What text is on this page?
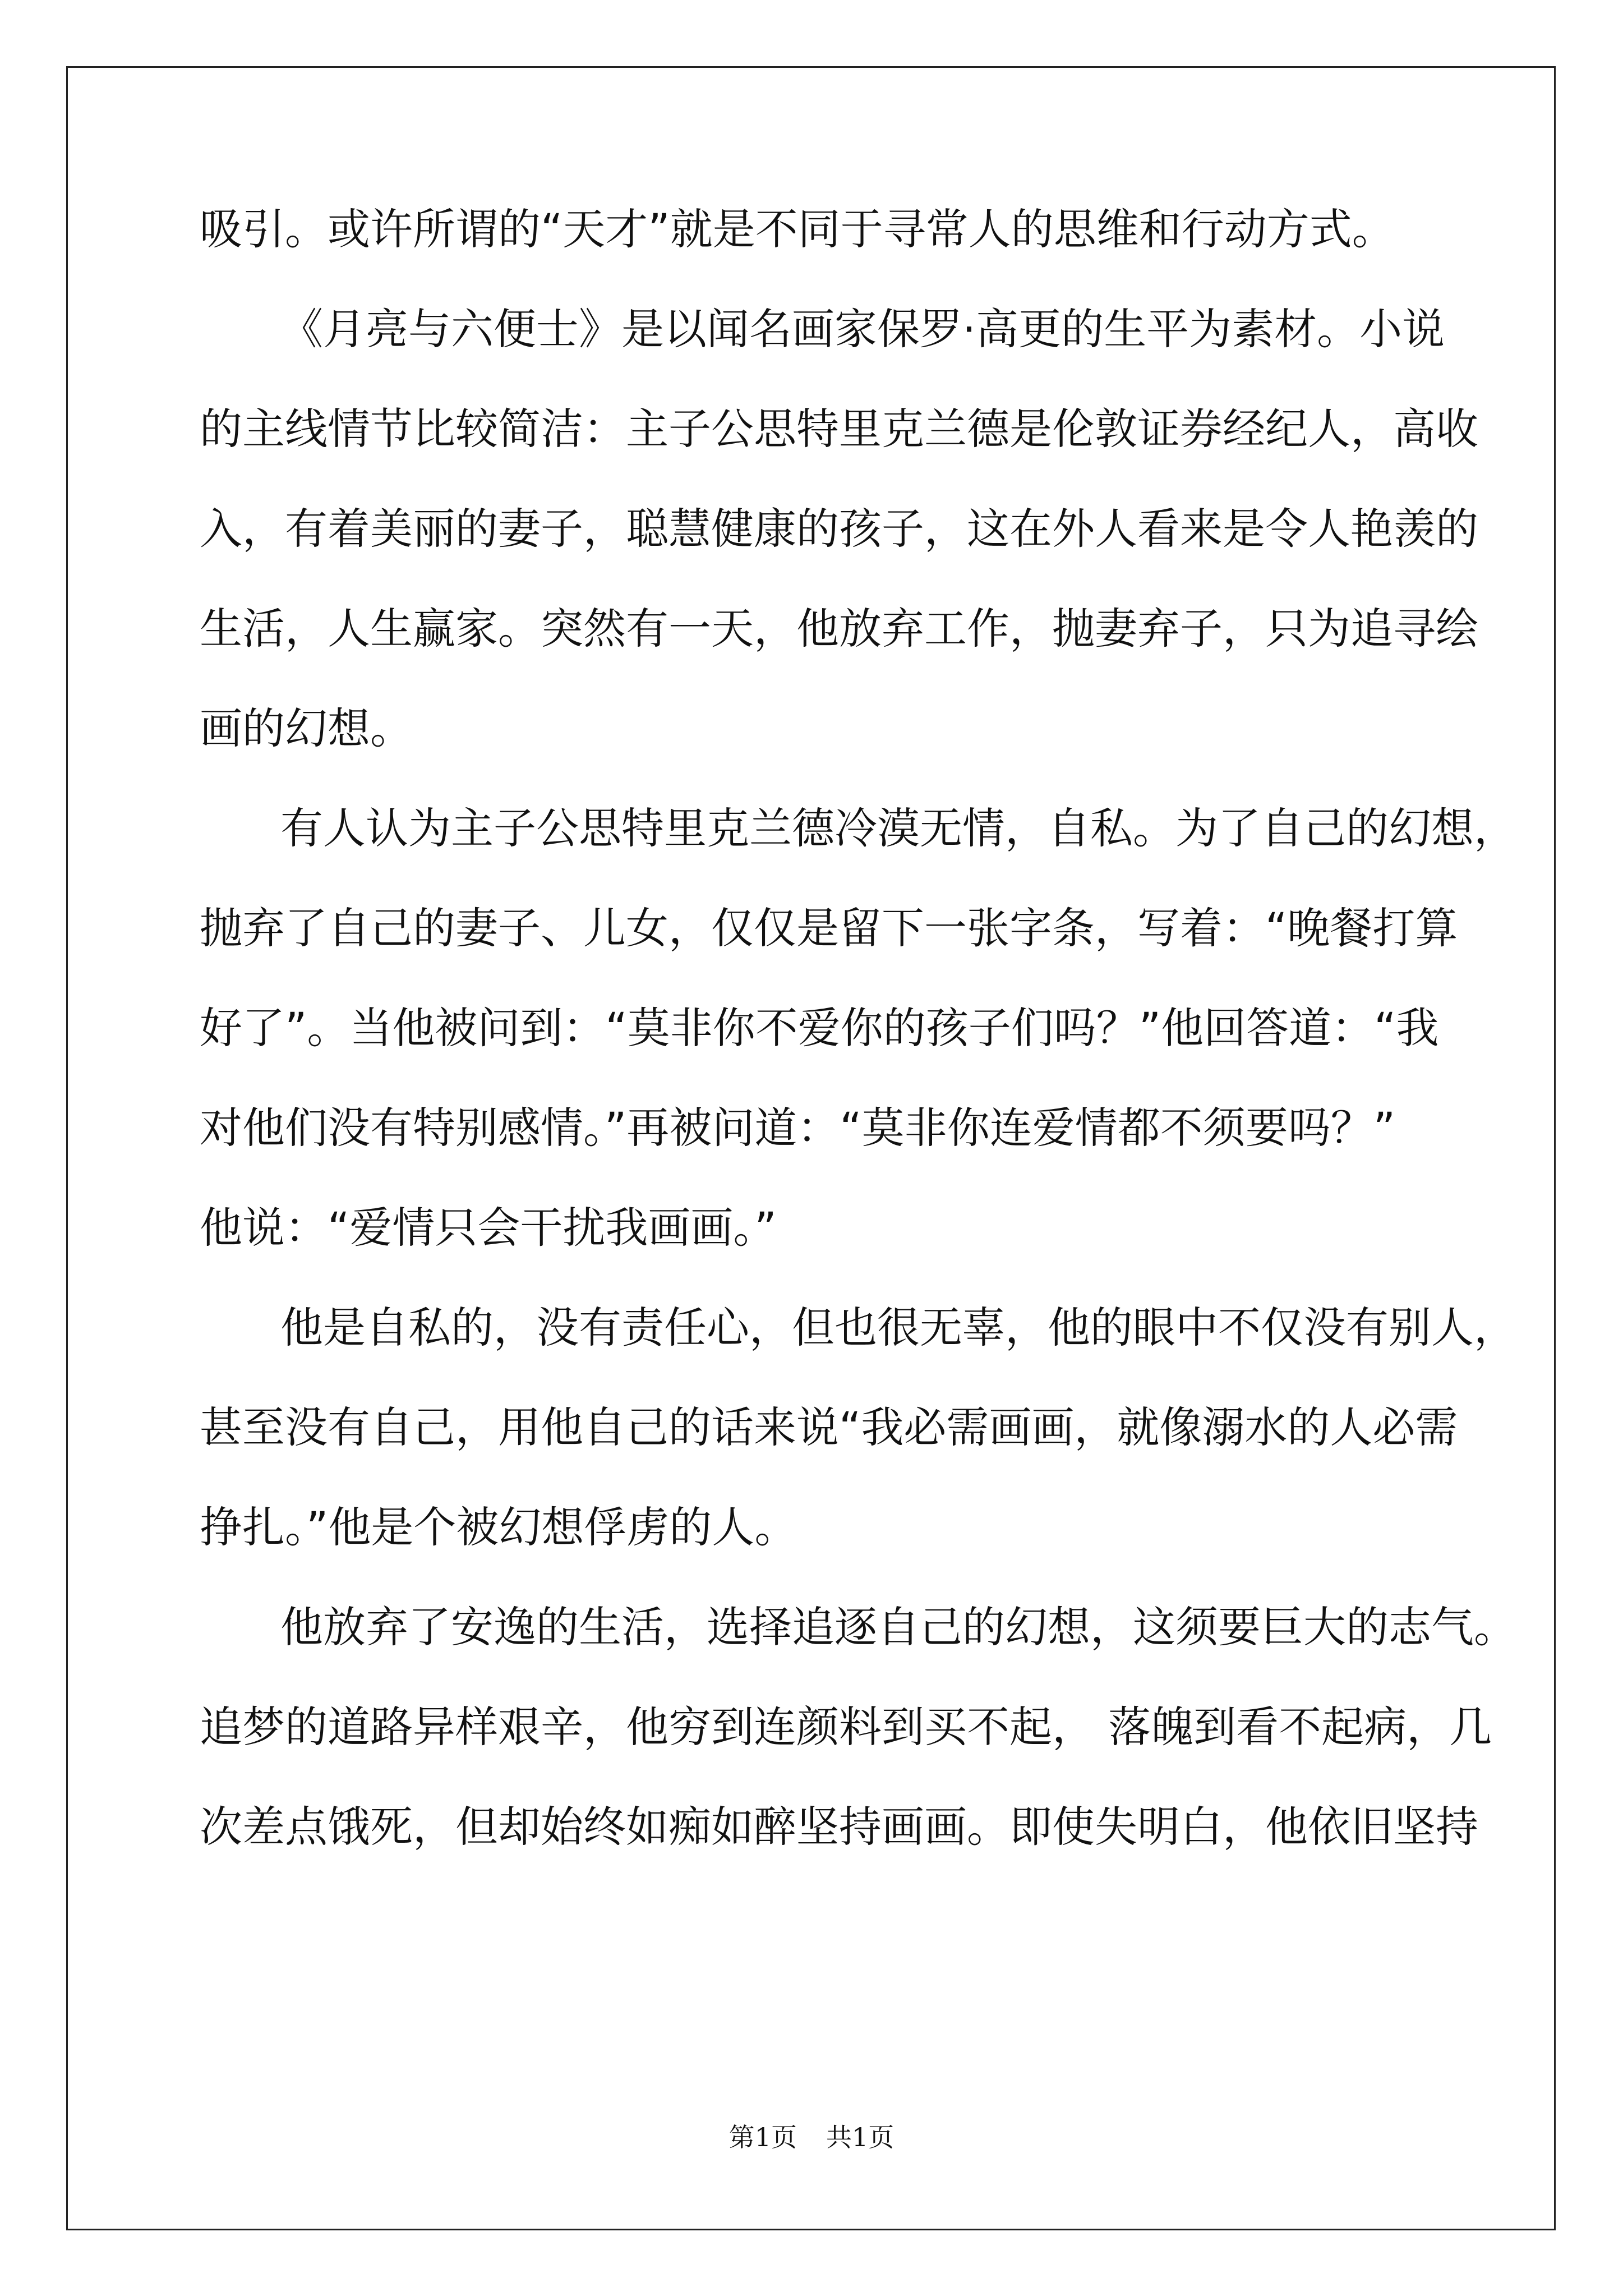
吸引。或许所谓的“天才”就是不同于寻常人的思维和行动方式。
《月亮与六便士》是以闻名画家保罗·高更的生平为素材。小说
的主线情节比较简洁：主子公思特里克兰德是伦敦证券经纪人，高收
入，有着美丽的妻子，聪慧健康的孩子，这在外人看来是令人艳羡的
生活，人生赢家。突然有一天，他放弃工作，抛妻弃子，只为追寻绘
画的幻想。
有人认为主子公思特里克兰德冷漠无情，自私。为了自己的幻想，
抛弃了自己的妻子、儿女，仅仅是留下一张字条，写着：“晚餐打算
好了”。当他被问到：“莫非你不爱你的孩子们吗？”他回答道：“我
对他们没有特别感情。”再被问道：“莫非你连爱情都不须要吗？”
他说：“爱情只会干扰我画画。”
他是自私的，没有责任心，但也很无辜，他的眼中不仅没有别人，
甚至没有自己，用他自己的话来说“我必需画画，就像溺水的人必需
挣扎。”他是个被幻想俘虏的人。
他放弃了安逸的生活，选择追逐自己的幻想，这须要巨大的志气。
追梦的道路异样艰辛，他穷到连颜料到买不起， 落魄到看不起病，几
次差点饿死，但却始终如痴如醉坚持画画。即使失明白，他依旧坚持
第1页 共1页
